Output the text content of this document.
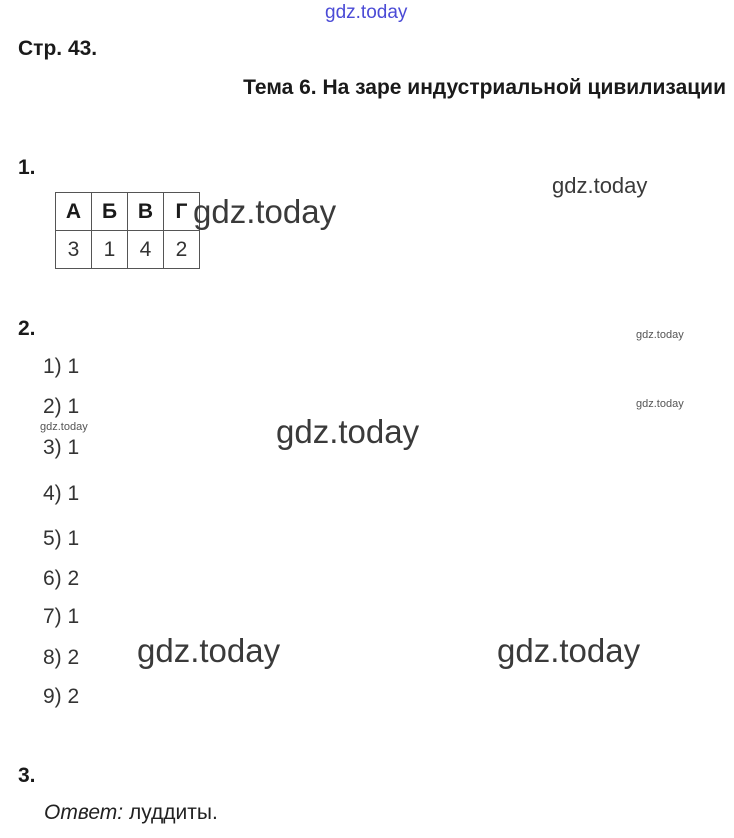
Стр. 43.
Тема 6. На заре индустриальной цивилизации
1.
А	Б	В	Г
3	1	4	2
2.
1) 1
2) 1
3) 1
4) 1
5) 1
6) 2
7) 1
8) 2
9) 2
3.
Ответ: луддиты.
gdz.today
gdz.today
gdz.today
gdz.today
gdz.today
gdz.today	gdz.today
gdz.today	gdz.today
